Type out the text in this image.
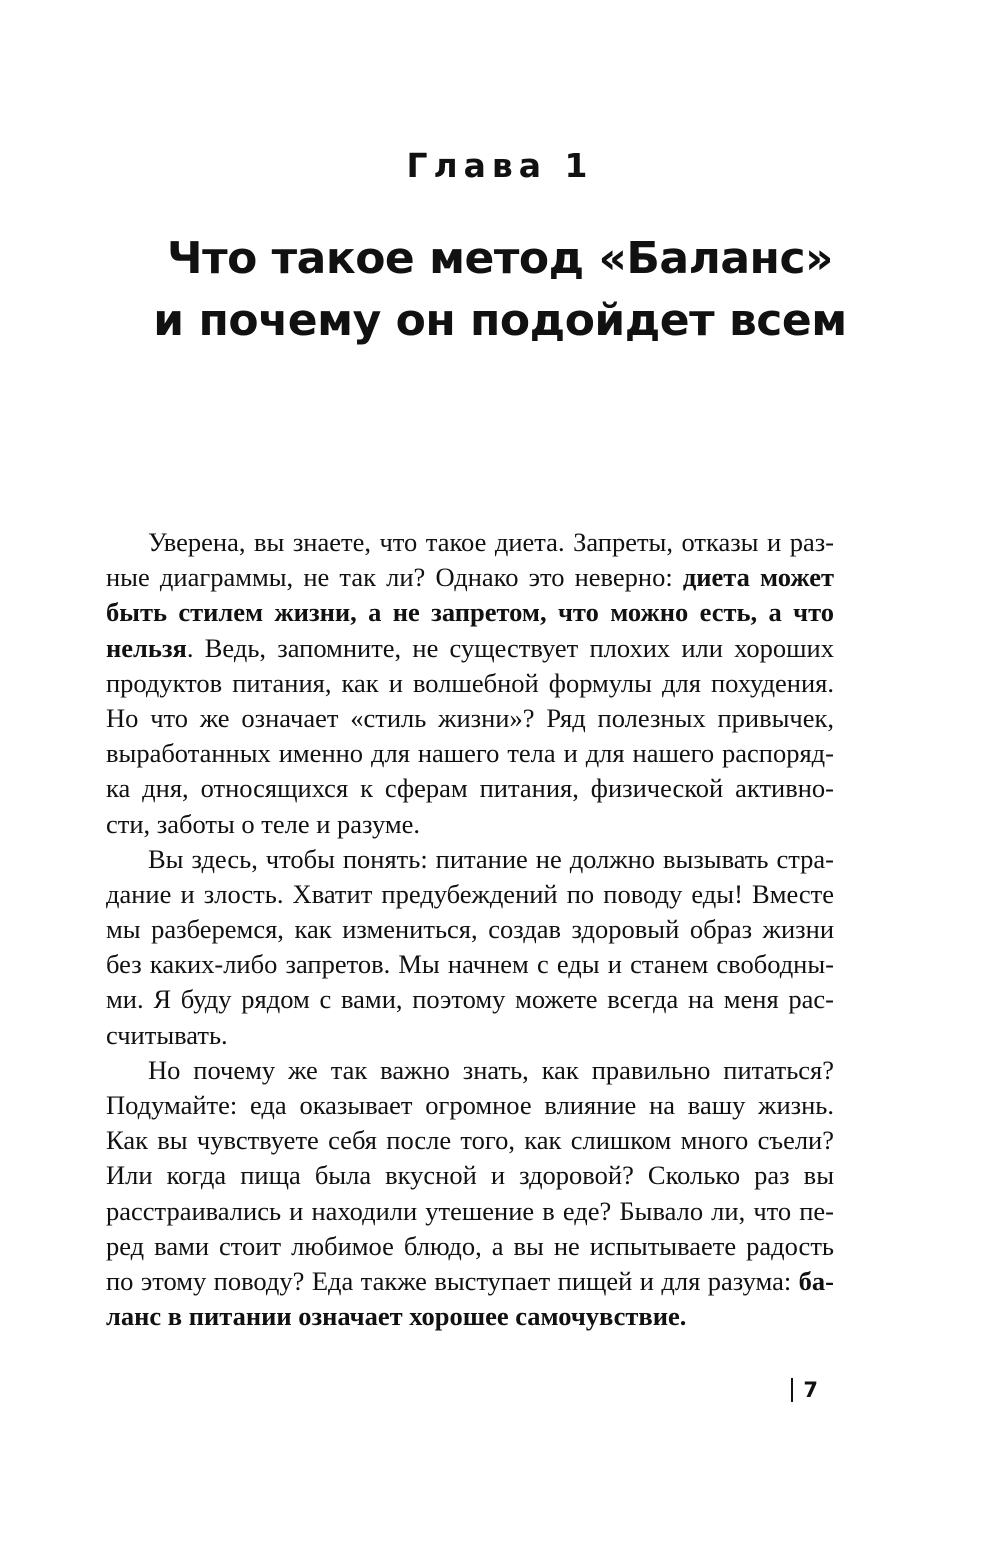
Глава 1
Что такое метод «Баланс»
и почему он подойдет всем
Уверена, вы знаете, что такое диета. Запреты, отказы и раз-
ные диаграммы, не так ли? Однако это неверно: диета может
быть стилем жизни, а не запретом, что можно есть, а что
нельзя. Ведь, запомните, не существует плохих или хороших
продуктов питания, как и волшебной формулы для похудения.
Но что же означает «стиль жизни»? Ряд полезных привычек,
выработанных именно для нашего тела и для нашего распоряд-
ка дня, относящихся к сферам питания, физической активно-
сти, заботы о теле и разуме.
Вы здесь, чтобы понять: питание не должно вызывать стра-
дание и злость. Хватит предубеждений по поводу еды! Вместе
мы разберемся, как измениться, создав здоровый образ жизни
без каких-либо запретов. Мы начнем с еды и станем свободны-
ми. Я буду рядом с вами, поэтому можете всегда на меня рас-
считывать.
Но почему же так важно знать, как правильно питаться?
Подумайте: еда оказывает огромное влияние на вашу жизнь.
Как вы чувствуете себя после того, как слишком много съели?
Или когда пища была вкусной и здоровой? Сколько раз вы
расстраивались и находили утешение в еде? Бывало ли, что пе-
ред вами стоит любимое блюдо, а вы не испытываете радость
по этому поводу? Еда также выступает пищей и для разума: ба-
ланс в питании означает хорошее самочувствие.
7
